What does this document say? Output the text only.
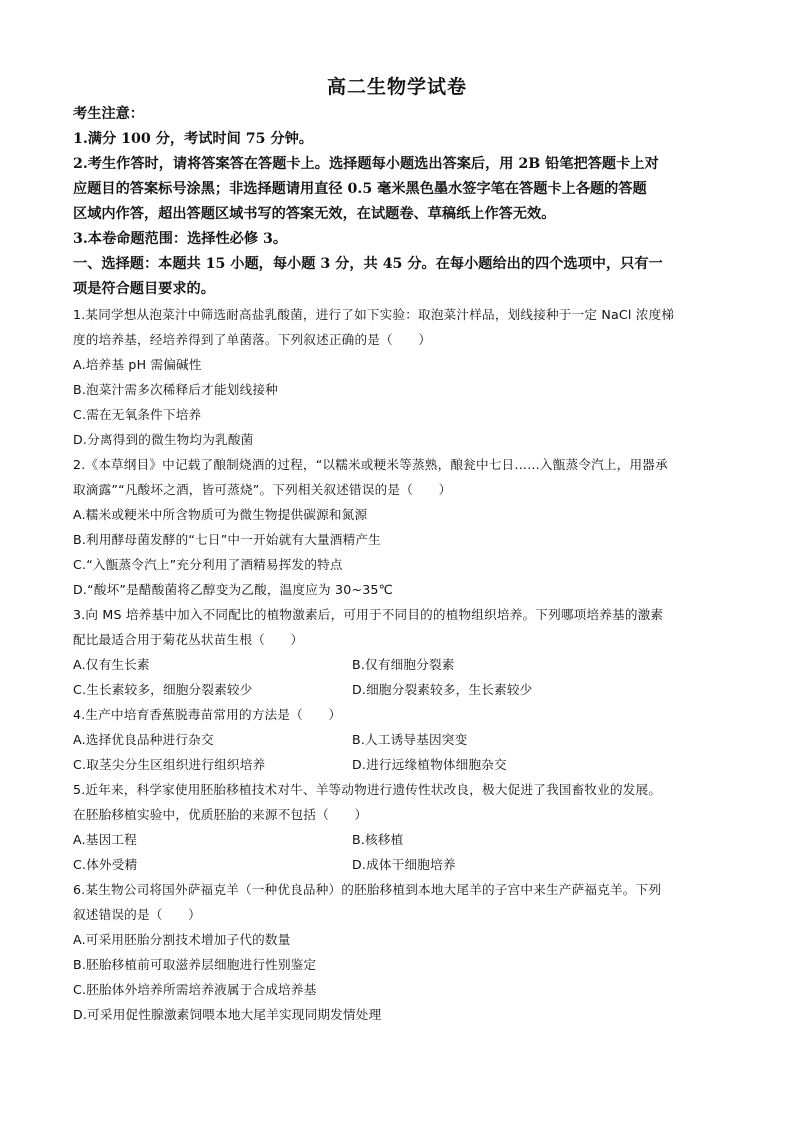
高二生物学试卷
考生注意：
1.满分 100 分，考试时间 75 分钟。
2.考生作答时，请将答案答在答题卡上。选择题每小题选出答案后，用 2B 铅笔把答题卡上对
应题目的答案标号涂黑；非选择题请用直径 0.5 毫米黑色墨水签字笔在答题卡上各题的答题
区域内作答，超出答题区域书写的答案无效，在试题卷、草稿纸上作答无效。
3.本卷命题范围：选择性必修 3。
一、选择题：本题共 15 小题，每小题 3 分，共 45 分。在每小题给出的四个选项中，只有一
项是符合题目要求的。
1.某同学想从泡菜汁中筛选耐高盐乳酸菌，进行了如下实验：取泡菜汁样品，划线接种于一定 NaCl 浓度梯
度的培养基，经培养得到了单菌落。下列叙述正确的是（　　）
A.培养基 pH 需偏碱性
B.泡菜汁需多次稀释后才能划线接种
C.需在无氧条件下培养
D.分离得到的微生物均为乳酸菌
2.《本草纲目》中记载了酿制烧酒的过程，“以糯米或粳米等蒸熟，酿瓮中七日……入甑蒸令汽上，用器承
取滴露”“凡酸坏之酒，皆可蒸烧”。下列相关叙述错误的是（　　）
A.糯米或粳米中所含物质可为微生物提供碳源和氮源
B.利用酵母菌发酵的“七日”中一开始就有大量酒精产生
C.“入甑蒸令汽上”充分利用了酒精易挥发的特点
D.“酸坏”是醋酸菌将乙醇变为乙酸，温度应为 30~35℃
3.向 MS 培养基中加入不同配比的植物激素后，可用于不同目的的植物组织培养。下列哪项培养基的激素
配比最适合用于菊花丛状苗生根（　　）
A.仅有生长素	B.仅有细胞分裂素
C.生长素较多，细胞分裂素较少	D.细胞分裂素较多，生长素较少
4.生产中培育香蕉脱毒苗常用的方法是（　　）
A.选择优良品种进行杂交	B.人工诱导基因突变
C.取茎尖分生区组织进行组织培养	D.进行远缘植物体细胞杂交
5.近年来，科学家使用胚胎移植技术对牛、羊等动物进行遗传性状改良，极大促进了我国畜牧业的发展。
在胚胎移植实验中，优质胚胎的来源不包括（　　）
A.基因工程	B.核移植
C.体外受精	D.成体干细胞培养
6.某生物公司将国外萨福克羊（一种优良品种）的胚胎移植到本地大尾羊的子宫中来生产萨福克羊。下列
叙述错误的是（　　）
A.可采用胚胎分割技术增加子代的数量
B.胚胎移植前可取滋养层细胞进行性别鉴定
C.胚胎体外培养所需培养液属于合成培养基
D.可采用促性腺激素饲喂本地大尾羊实现同期发情处理
